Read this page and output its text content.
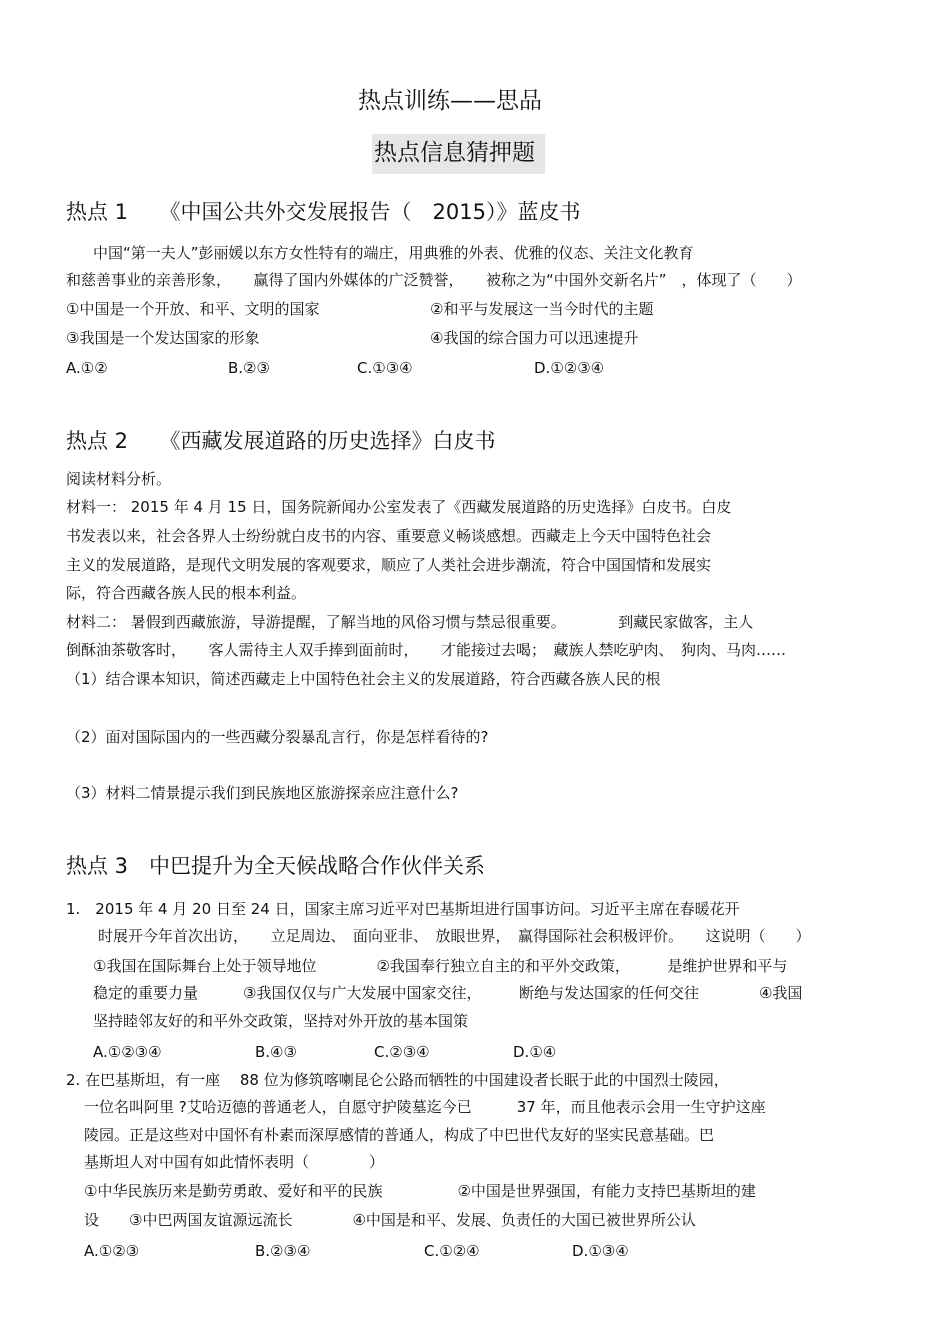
热点训练——思品
热点信息猜押题
热点 1　　《中国公共外交发展报告（　2015）》蓝皮书
中国“第一夫人”彭丽媛以东方女性特有的端庄，用典雅的外表、优雅的仪态、关注文化教育
和慈善事业的亲善形象，　　赢得了国内外媒体的广泛赞誉，　　被称之为“中国外交新名片”　，体现了（　　）
①中国是一个开放、和平、文明的国家	②和平与发展这一当今时代的主题
③我国是一个发达国家的形象	④我国的综合国力可以迅速提升
A.①②	B.②③	C.①③④	D.①②③④
热点 2　　《西藏发展道路的历史选择》白皮书
阅读材料分析。
材料一： 2015 年 4 月 15 日，国务院新闻办公室发表了《西藏发展道路的历史选择》白皮书。白皮
书发表以来，社会各界人士纷纷就白皮书的内容、重要意义畅谈感想。西藏走上今天中国特色社会
主义的发展道路，是现代文明发展的客观要求，顺应了人类社会进步潮流，符合中国国情和发展实
际，符合西藏各族人民的根本利益。
材料二： 暑假到西藏旅游，导游提醒，了解当地的风俗习惯与禁忌很重要。　　　　到藏民家做客，主人
倒酥油茶敬客时，　　客人需待主人双手捧到面前时，　　才能接过去喝；　藏族人禁吃驴肉、　狗肉、马肉……
（1）结合课本知识，简述西藏走上中国特色社会主义的发展道路，符合西藏各族人民的根
（2）面对国际国内的一些西藏分裂暴乱言行，你是怎样看待的?
（3）材料二情景提示我们到民族地区旅游探亲应注意什么?
热点 3　中巴提升为全天候战略合作伙伴关系
1.　2015 年 4 月 20 日至 24 日，国家主席习近平对巴基斯坦进行国事访问。习近平主席在春暖花开
时展开今年首次出访，　　立足周边、　面向亚非、　放眼世界，　赢得国际社会积极评价。　　这说明（　　）
①我国在国际舞台上处于领导地位　　　　②我国奉行独立自主的和平外交政策，　　　是维护世界和平与
稳定的重要力量　　　③我国仅仅与广大发展中国家交往，　　　断绝与发达国家的任何交往　　　　④我国
坚持睦邻友好的和平外交政策，坚持对外开放的基本国策
A.①②③④	B.④③	C.②③④	D.①④
2. 在巴基斯坦，有一座　 88 位为修筑喀喇昆仑公路而牺牲的中国建设者长眠于此的中国烈士陵园，
一位名叫阿里 ?艾哈迈德的普通老人，自愿守护陵墓迄今已　　　37 年，而且他表示会用一生守护这座
陵园。正是这些对中国怀有朴素而深厚感情的普通人，构成了中巴世代友好的坚实民意基础。巴
基斯坦人对中国有如此情怀表明（　　　　）
①中华民族历来是勤劳勇敢、爱好和平的民族　　　　　②中国是世界强国，有能力支持巴基斯坦的建
设　　③中巴两国友谊源远流长　　　　④中国是和平、发展、负责任的大国已被世界所公认
A.①②③	B.②③④	C.①②④	D.①③④
